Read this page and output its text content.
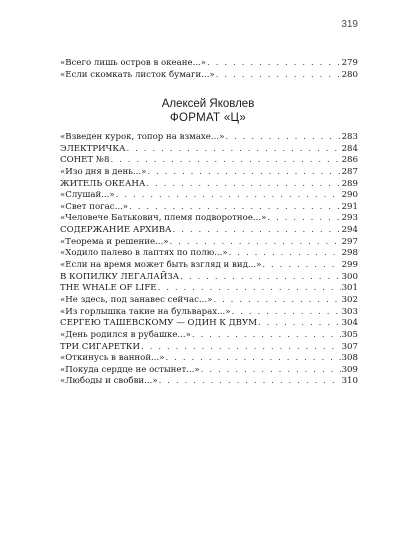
319
«Всего лишь остров в океане...» . . .	279
«Если скомкать листок бумаги...» . . .	280
Алексей Яковлев
ФОРМАТ «Ц»
«Взведен курок, топор на взмахе...» . . .	283
ЭЛЕКТРИЧКА . . .	284
СОНЕТ №8 . . .	286
«Изо дня в день...» . . .	287
ЖИТЕЛЬ ОКЕАНА . . .	289
«Слушай...» . . .	290
«Свет погас...» . . .	291
«Человече Батькович, племя подворотное...» . . .	293
СОДЕРЖАНИЕ АРХИВА . . .	294
«Теорема и решение...» . . .	297
«Ходило палево в лаптях по полю...» . . .	298
«Если на время может быть взгляд и вид...» . . .	299
В КОПИЛКУ ЛЕГАЛАЙЗА . . .	300
THE WHALE OF LIFE . . .	301
«Не здесь, под занавес сейчас...» . . .	302
«Из горлышка такие на бульварах...» . . .	303
СЕРГЕЮ ТАШЕВСКОМУ — ОДИН К ДВУМ . . .	304
«День родился в рубашке...» . . .	305
ТРИ СИГАРЕТКИ . . .	307
«Откинусь в ванной...» . . .	308
«Покуда сердце не остынет...» . . .	309
«Любоды и свобви...» . . .	310
